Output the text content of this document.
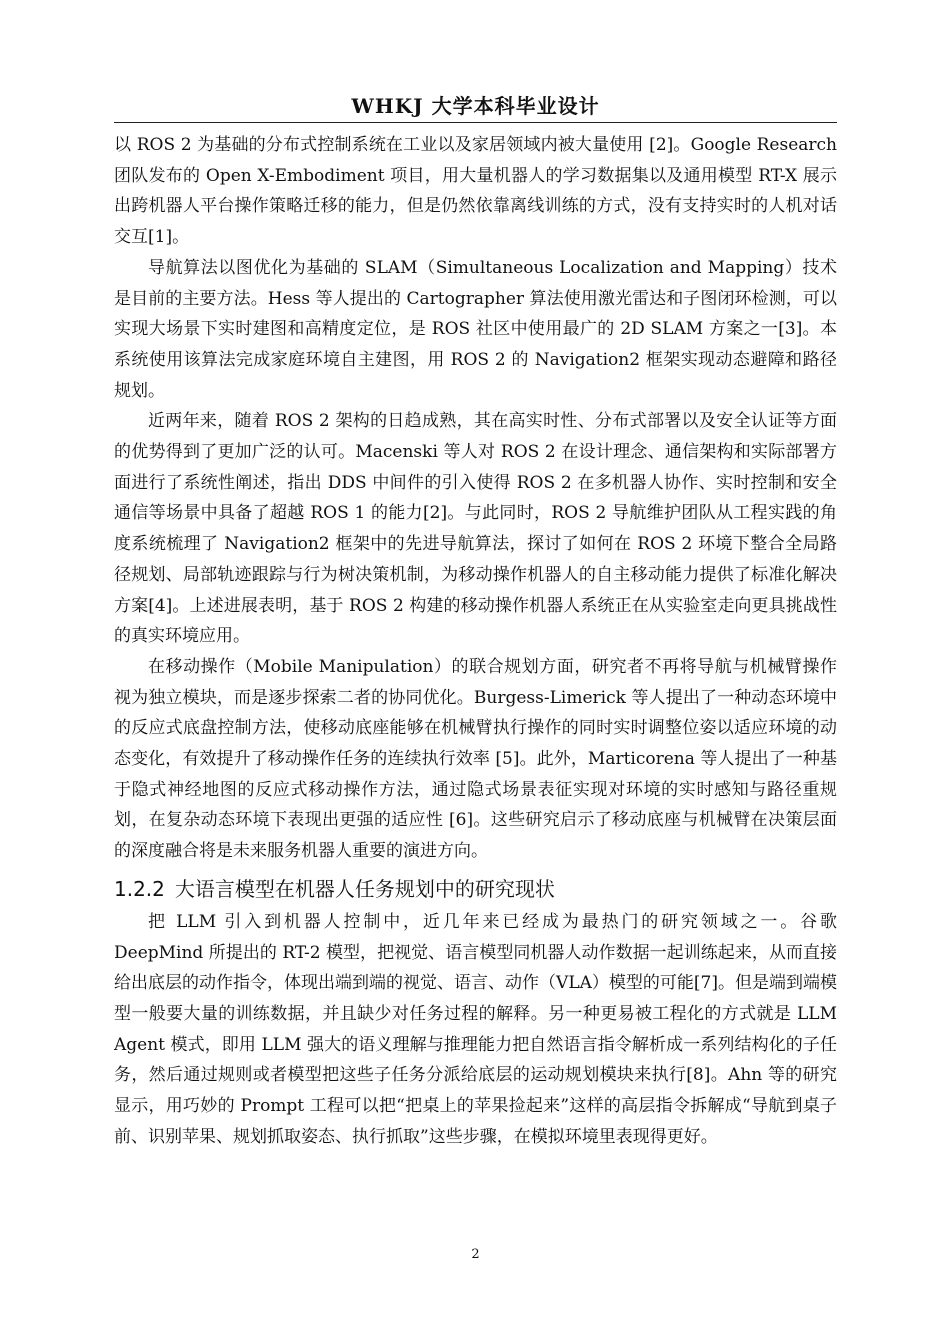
WHKJ 大学本科毕业设计

以 ROS 2 为基础的分布式控制系统在工业以及家居领域内被大量使用 [2]。Google Research 团队发布的 Open X-Embodiment 项目，用大量机器人的学习数据集以及通用模型 RT-X 展示出跨机器人平台操作策略迁移的能力，但是仍然依靠离线训练的方式，没有支持实时的人机对话交互[1]。

导航算法以图优化为基础的 SLAM（Simultaneous Localization and Mapping）技术是目前的主要方法。Hess 等人提出的 Cartographer 算法使用激光雷达和子图闭环检测，可以实现大场景下实时建图和高精度定位，是 ROS 社区中使用最广的 2D SLAM 方案之一[3]。本系统使用该算法完成家庭环境自主建图，用 ROS 2 的 Navigation2 框架实现动态避障和路径规划。

近两年来，随着 ROS 2 架构的日趋成熟，其在高实时性、分布式部署以及安全认证等方面的优势得到了更加广泛的认可。Macenski 等人对 ROS 2 在设计理念、通信架构和实际部署方面进行了系统性阐述，指出 DDS 中间件的引入使得 ROS 2 在多机器人协作、实时控制和安全通信等场景中具备了超越 ROS 1 的能力[2]。与此同时，ROS 2 导航维护团队从工程实践的角度系统梳理了 Navigation2 框架中的先进导航算法，探讨了如何在 ROS 2 环境下整合全局路径规划、局部轨迹跟踪与行为树决策机制，为移动操作机器人的自主移动能力提供了标准化解决方案[4]。上述进展表明，基于 ROS 2 构建的移动操作机器人系统正在从实验室走向更具挑战性的真实环境应用。

在移动操作（Mobile Manipulation）的联合规划方面，研究者不再将导航与机械臂操作视为独立模块，而是逐步探索二者的协同优化。Burgess-Limerick 等人提出了一种动态环境中的反应式底盘控制方法，使移动底座能够在机械臂执行操作的同时实时调整位姿以适应环境的动态变化，有效提升了移动操作任务的连续执行效率 [5]。此外，Marticorena 等人提出了一种基于隐式神经地图的反应式移动操作方法，通过隐式场景表征实现对环境的实时感知与路径重规划，在复杂动态环境下表现出更强的适应性 [6]。这些研究启示了移动底座与机械臂在决策层面的深度融合将是未来服务机器人重要的演进方向。

1.2.2 大语言模型在机器人任务规划中的研究现状

把 LLM 引入到机器人控制中，近几年来已经成为最热门的研究领域之一。谷歌 DeepMind 所提出的 RT-2 模型，把视觉、语言模型同机器人动作数据一起训练起来，从而直接给出底层的动作指令，体现出端到端的视觉、语言、动作（VLA）模型的可能[7]。但是端到端模型一般要大量的训练数据，并且缺少对任务过程的解释。另一种更易被工程化的方式就是 LLM Agent 模式，即用 LLM 强大的语义理解与推理能力把自然语言指令解析成一系列结构化的子任务，然后通过规则或者模型把这些子任务分派给底层的运动规划模块来执行[8]。Ahn 等的研究显示，用巧妙的 Prompt 工程可以把“把桌上的苹果捡起来”这样的高层指令拆解成“导航到桌子前、识别苹果、规划抓取姿态、执行抓取”这些步骤，在模拟环境里表现得更好。

2
